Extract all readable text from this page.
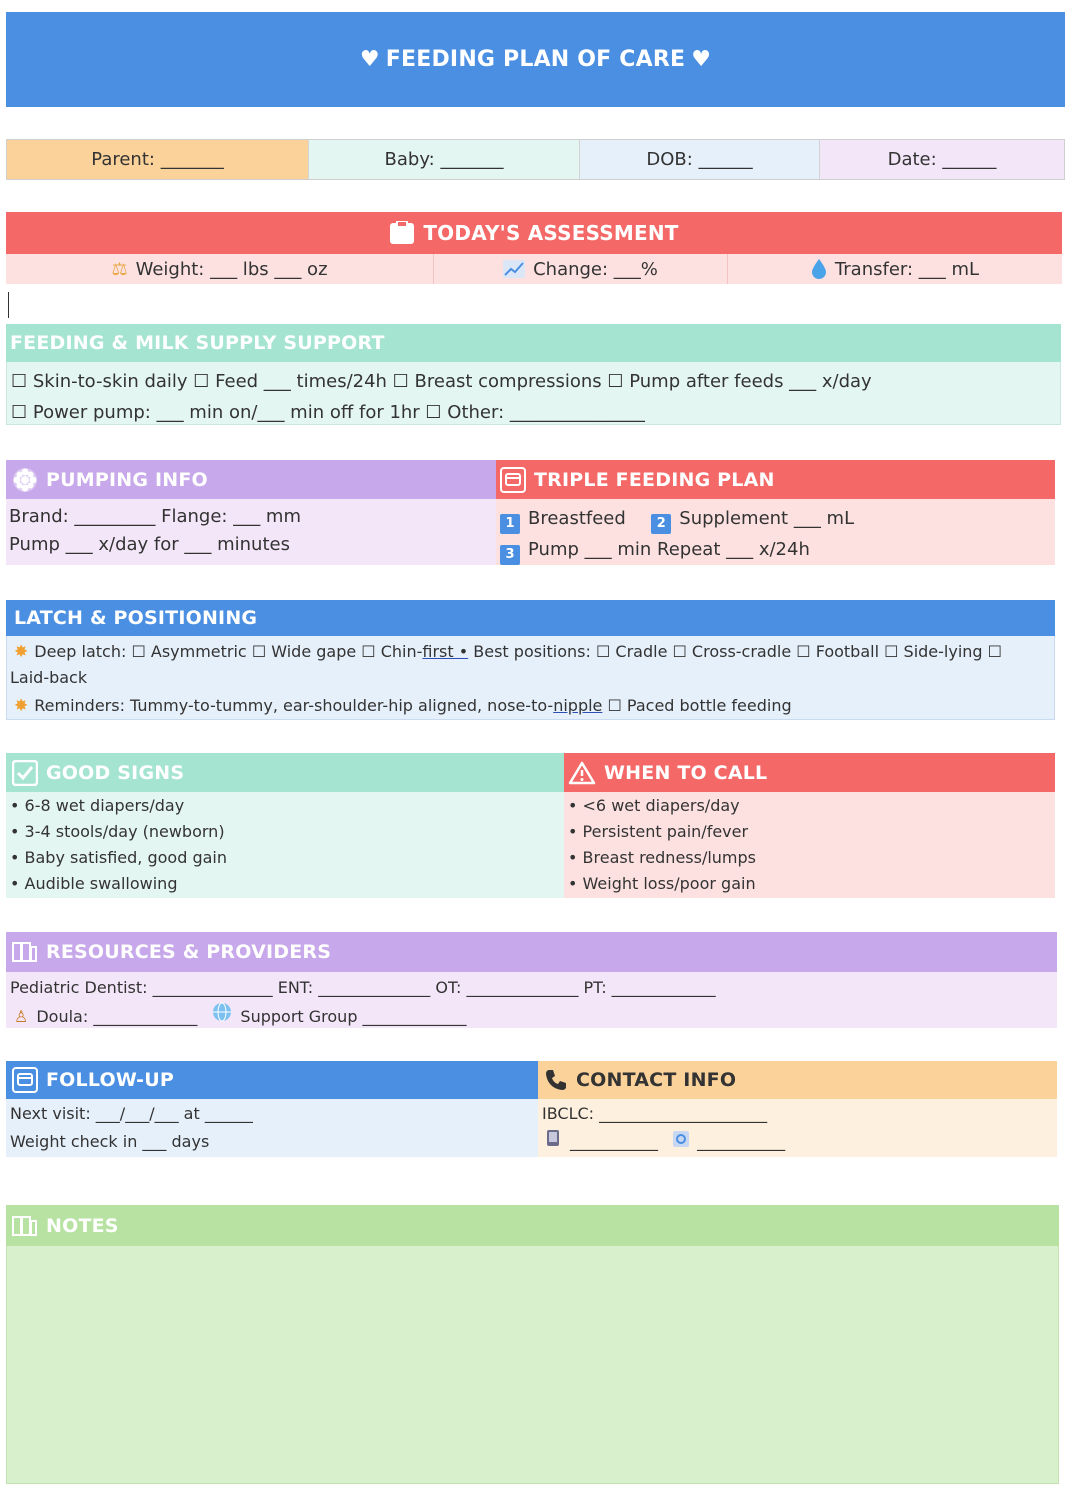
♥ FEEDING PLAN OF CARE ♥
Parent: _______	Baby: _______	DOB: ______	Date: ______
TODAY'S ASSESSMENT
⚖ Weight: ___ lbs ___ oz	Change: ___%	Transfer: ___ mL
FEEDING & MILK SUPPLY SUPPORT
☐ Skin-to-skin daily ☐ Feed ___ times/24h ☐ Breast compressions ☐ Pump after feeds ___ x/day
☐ Power pump: ___ min on/___ min off for 1hr ☐ Other: _______________
PUMPING INFO
Brand: _________ Flange: ___ mm
Pump ___ x/day for ___ minutes
TRIPLE FEEDING PLAN
1 Breastfeed 2 Supplement ___ mL
3 Pump ___ min Repeat ___ x/24h
LATCH & POSITIONING
✸ Deep latch: ☐ Asymmetric ☐ Wide gape ☐ Chin-first • Best positions: ☐ Cradle ☐ Cross-cradle ☐ Football ☐ Side-lying ☐
Laid-back
✸ Reminders: Tummy-to-tummy, ear-shoulder-hip aligned, nose-to-nipple ☐ Paced bottle feeding
GOOD SIGNS
• 6-8 wet diapers/day
• 3-4 stools/day (newborn)
• Baby satisfied, good gain
• Audible swallowing
WHEN TO CALL
• <6 wet diapers/day
• Persistent pain/fever
• Breast redness/lumps
• Weight loss/poor gain
RESOURCES & PROVIDERS
Pediatric Dentist: _______________ ENT: ______________ OT: ______________ PT: _____________
♙ Doula: _____________	Support Group _____________
FOLLOW-UP
Next visit: ___/___/___ at ______
Weight check in ___ days
CONTACT INFO
IBCLC: _____________________
___________ ___________
NOTES
